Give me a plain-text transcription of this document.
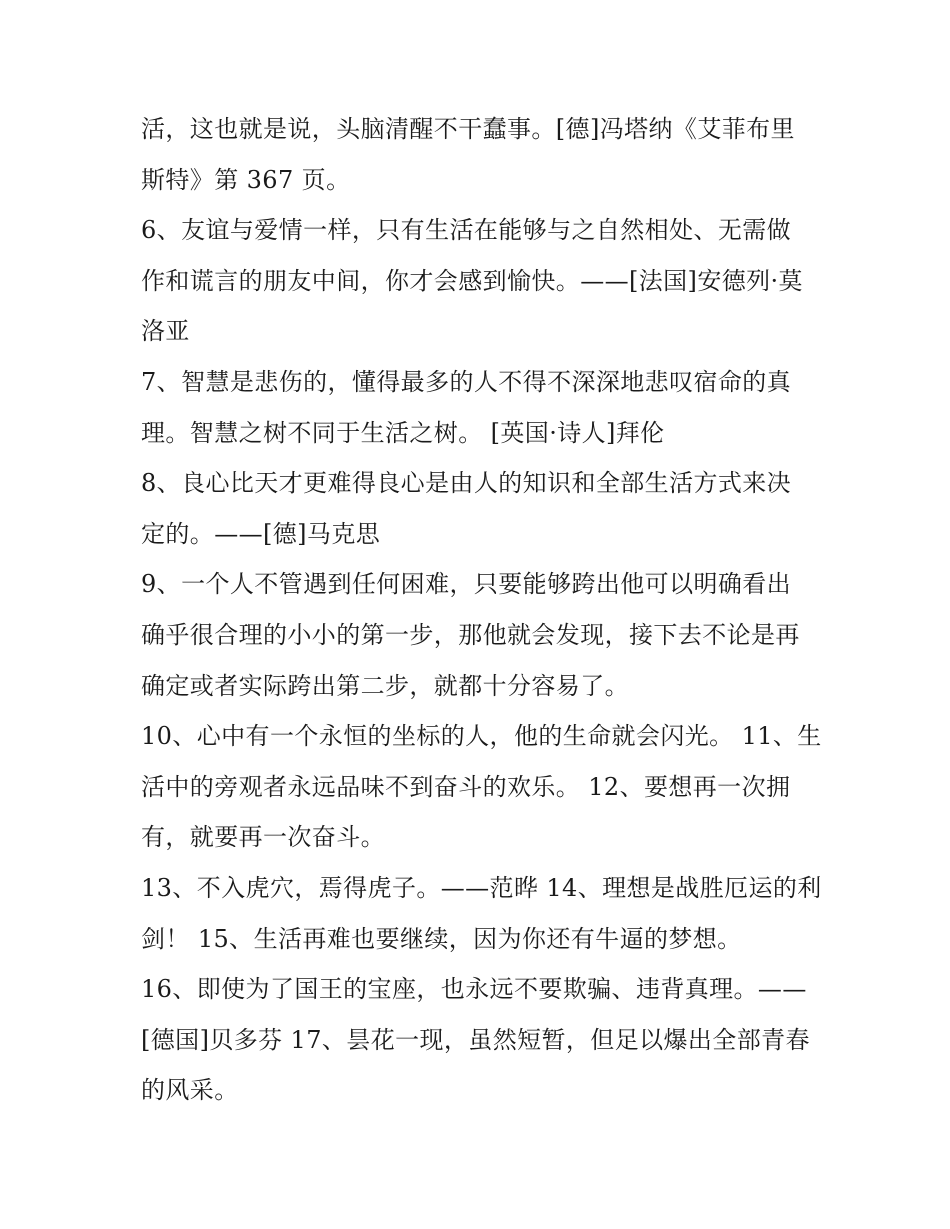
活，这也就是说，头脑清醒不干蠢事。[德]冯塔纳《艾菲布里
斯特》第 367 页。
6、友谊与爱情一样，只有生活在能够与之自然相处、无需做
作和谎言的朋友中间，你才会感到愉快。——[法国]安德列·莫
洛亚
7、智慧是悲伤的，懂得最多的人不得不深深地悲叹宿命的真
理。智慧之树不同于生活之树。 [英国·诗人]拜伦
8、良心比天才更难得良心是由人的知识和全部生活方式来决
定的。——[德]马克思
9、一个人不管遇到任何困难，只要能够跨出他可以明确看出
确乎很合理的小小的第一步，那他就会发现，接下去不论是再
确定或者实际跨出第二步，就都十分容易了。
10、心中有一个永恒的坐标的人，他的生命就会闪光。 11、生
活中的旁观者永远品味不到奋斗的欢乐。 12、要想再一次拥
有，就要再一次奋斗。
13、不入虎穴，焉得虎子。——范晔 14、理想是战胜厄运的利
剑！ 15、生活再难也要继续，因为你还有牛逼的梦想。
16、即使为了国王的宝座，也永远不要欺骗、违背真理。——
[德国]贝多芬 17、昙花一现，虽然短暂，但足以爆出全部青春
的风采。
